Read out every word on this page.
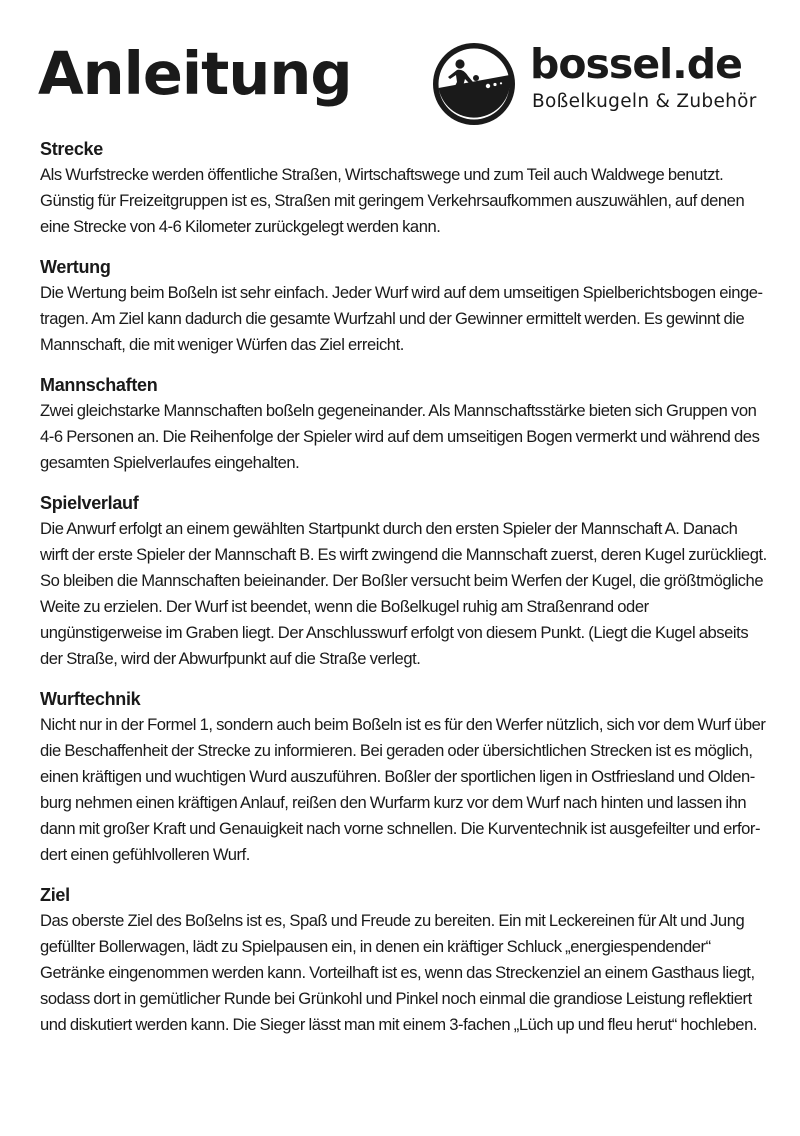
Anleitung	bossel.de
Boßelkugeln & Zubehör
Strecke

Als Wurfstrecke werden öffentliche Straßen, Wirtschaftswege und zum Teil auch Waldwege benutzt. Günstig für Freizeitgruppen ist es, Straßen mit geringem Verkehrsaufkommen auszuwählen, auf denen eine Strecke von 4-6 Kilometer zurückgelegt werden kann.

Wertung

Die Wertung beim Boßeln ist sehr einfach. Jeder Wurf wird auf dem umseitigen Spielberichtsbogen eingetragen. Am Ziel kann dadurch die gesamte Wurfzahl und der Gewinner ermittelt werden. Es gewinnt die Mannschaft, die mit weniger Würfen das Ziel erreicht.

Mannschaften

Zwei gleichstarke Mannschaften boßeln gegeneinander. Als Mannschaftsstärke bieten sich Gruppen von 4-6 Personen an. Die Reihenfolge der Spieler wird auf dem umseitigen Bogen vermerkt und während des gesamten Spielverlaufes eingehalten.

Spielverlauf

Die Anwurf erfolgt an einem gewählten Startpunkt durch den ersten Spieler der Mannschaft A. Danach wirft der erste Spieler der Mannschaft B. Es wirft zwingend die Mannschaft zuerst, deren Kugel zurückliegt. So bleiben die Mannschaften beieinander. Der Boßler versucht beim Werfen der Kugel, die größtmögliche Weite zu erzielen. Der Wurf ist beendet, wenn die Boßelkugel ruhig am Straßenrand oder ungünstigerweise im Graben liegt. Der Anschlusswurf erfolgt von diesem Punkt. (Liegt die Kugel abseits der Straße, wird der Abwurfpunkt auf die Straße verlegt.

Wurftechnik

Nicht nur in der Formel 1, sondern auch beim Boßeln ist es für den Werfer nützlich, sich vor dem Wurf über die Beschaffenheit der Strecke zu informieren. Bei geraden oder übersichtlichen Strecken ist es möglich, einen kräftigen und wuchtigen Wurd auszuführen. Boßler der sportlichen ligen in Ostfriesland und Oldenburg nehmen einen kräftigen Anlauf, reißen den Wurfarm kurz vor dem Wurf nach hinten und lassen ihn dann mit großer Kraft und Genauigkeit nach vorne schnellen. Die Kurventechnik ist ausgefeilter und erfordert einen gefühlvolleren Wurf.

Ziel

Das oberste Ziel des Boßelns ist es, Spaß und Freude zu bereiten. Ein mit Leckereinen für Alt und Jung gefüllter Bollerwagen, lädt zu Spielpausen ein, in denen ein kräftiger Schluck „energiespendender“ Getränke eingenommen werden kann. Vorteilhaft ist es, wenn das Streckenziel an einem Gasthaus liegt, sodass dort in gemütlicher Runde bei Grünkohl und Pinkel noch einmal die grandiose Leistung reflektiert und diskutiert werden kann. Die Sieger lässt man mit einem 3-fachen „Lüch up und fleu herut“ hochleben.
